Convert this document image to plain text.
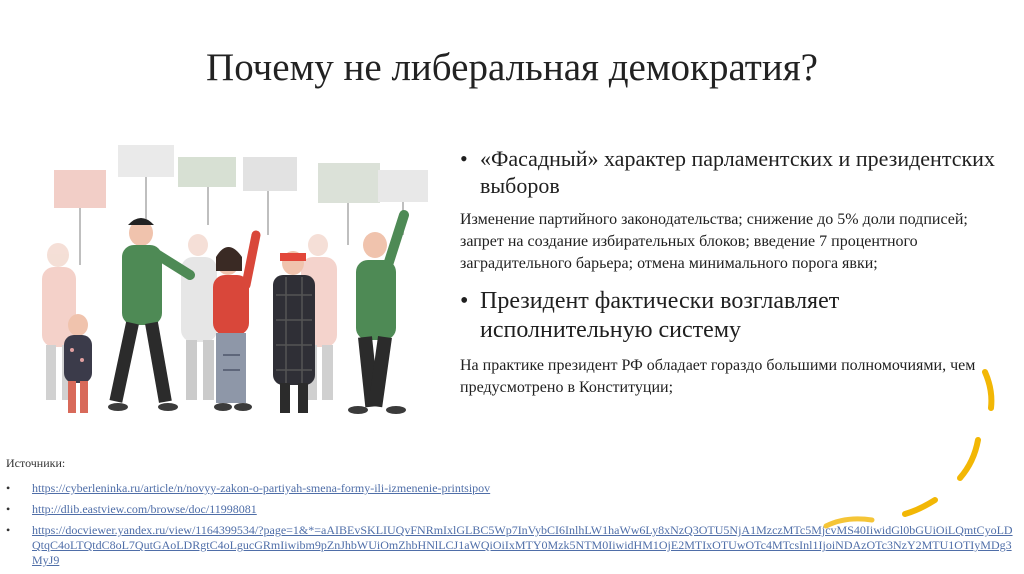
Почему не либеральная демократия?
• «Фасадный» характер парламентских и президентских выборов
Изменение партийного законодательства; снижение до 5% доли подписей; запрет на создание избирательных блоков; введение 7 процентного заградительного барьера; отмена минимального порога явки;
• Президент фактически возглавляет исполнительную систему
На практике президент РФ обладает гораздо большими полномочиями, чем предусмотрено в Конституции;
Источники:
• https://cyberleninka.ru/article/n/novyy-zakon-o-partiyah-smena-formy-ili-izmenenie-printsipov
• http://dlib.eastview.com/browse/doc/11998081
• https://docviewer.yandex.ru/view/1164399534/?page=1&*=aAIBEvSKLIUQvFNRmIxlGLBC5Wp7InVybCI6InlhLW1haWw6Ly8xNzQ3OTU5NjA1MzczMTc5MjcvMS40IiwidGl0bGUiOiLQmtCyoLDQtqC4oLTQtdC8oL7QutGAoLDRgtC4oLgucGRmIiwibm9pZnJhbWUiOmZhbHNlLCJ1aWQiOiIxMTY0Mzk5NTM0IiwidHM1OjE2MTIxOTUwOTc4MTcsInl1IjoiNDAzOTc3NzY2MTU1OTIyMDg3MyJ9
